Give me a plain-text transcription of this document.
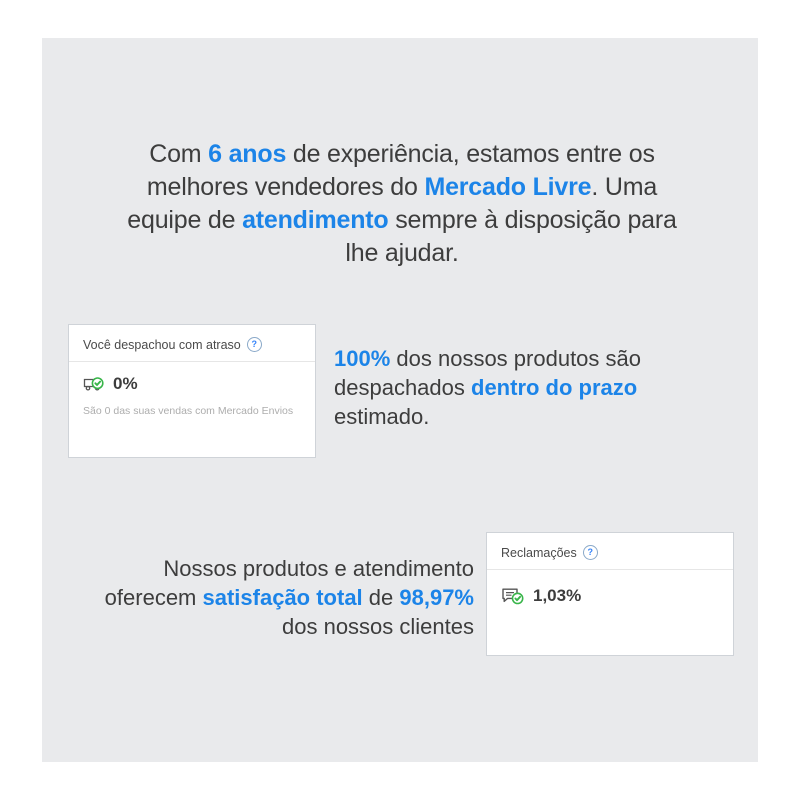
Com 6 anos de experiência, estamos entre os melhores vendedores do Mercado Livre. Uma equipe de atendimento sempre à disposição para lhe ajudar.
Você despachou com atraso	?
0%
São 0 das suas vendas com Mercado Envios
100% dos nossos produtos são despachados dentro do prazo estimado.
Nossos produtos e atendimento oferecem satisfação total de 98,97% dos nossos clientes
Reclamações	?
1,03%
